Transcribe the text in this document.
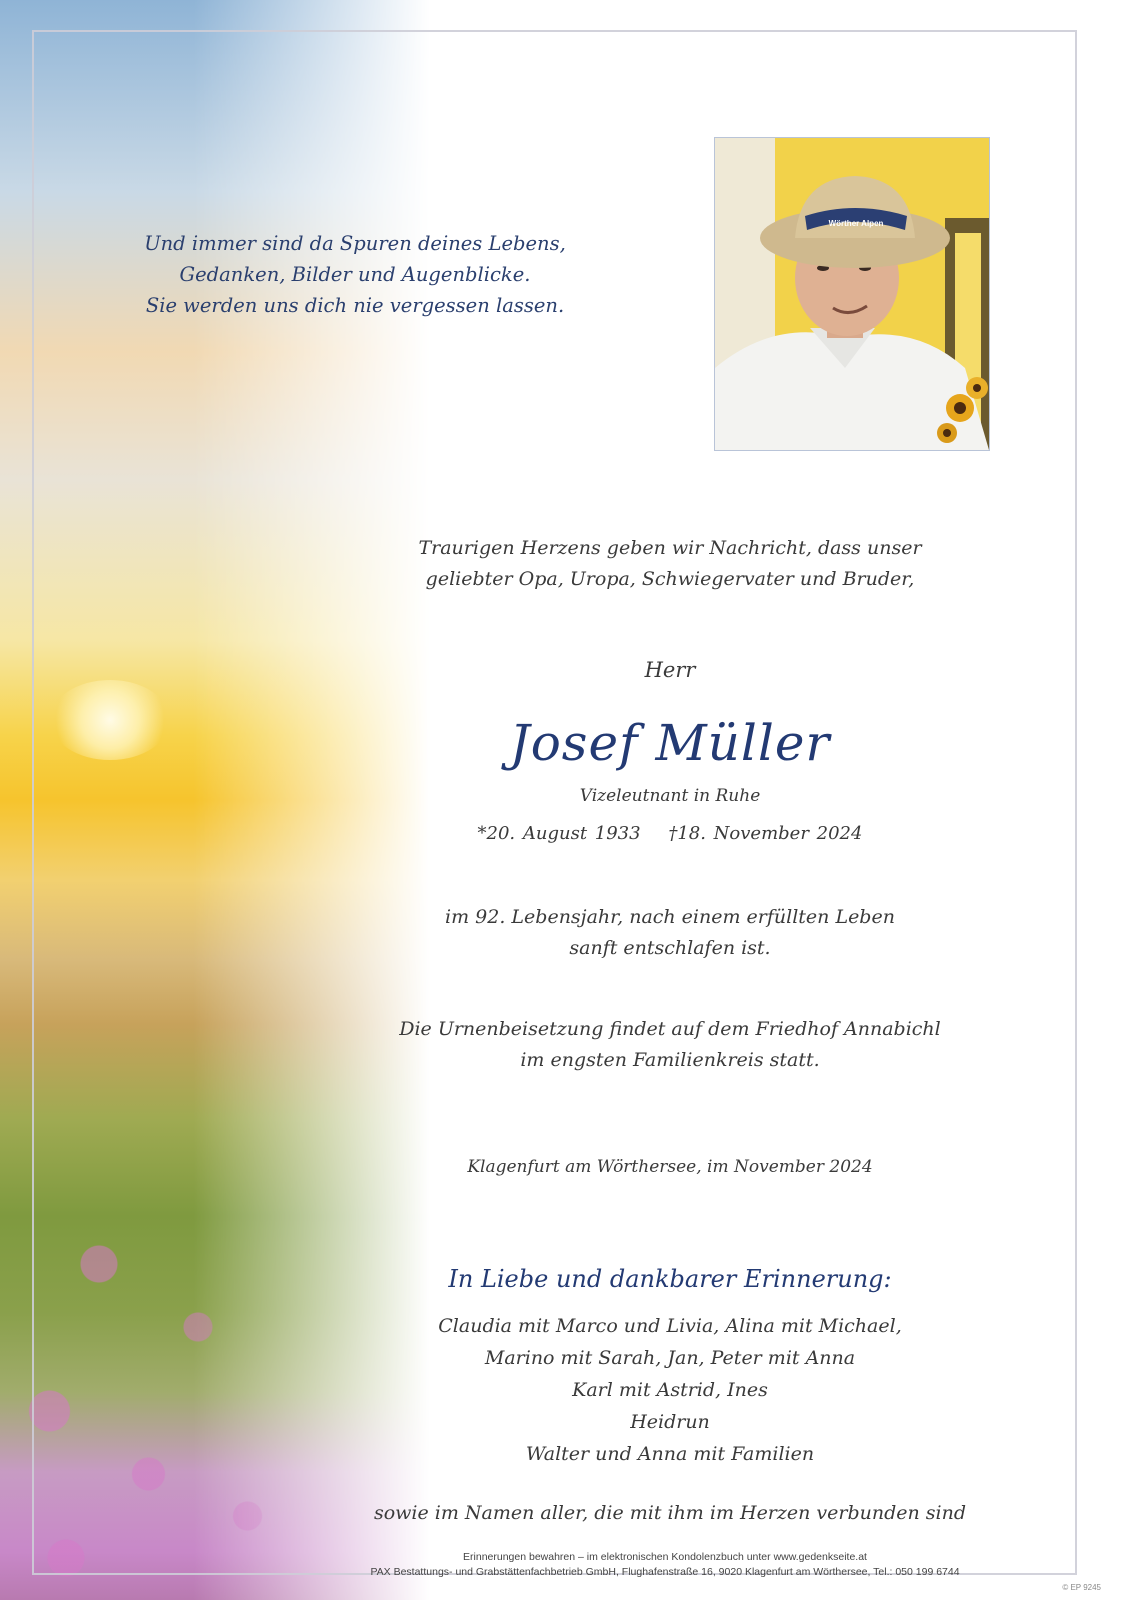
Und immer sind da Spuren deines Lebens,
Gedanken, Bilder und Augenblicke.
Sie werden uns dich nie vergessen lassen.
Wörther Alpen
Traurigen Herzens geben wir Nachricht, dass unser
geliebter Opa, Uropa, Schwiegervater und Bruder,
Herr
Josef Müller
Vizeleutnant in Ruhe
*20. August 1933 †18. November 2024
im 92. Lebensjahr, nach einem erfüllten Leben
sanft entschlafen ist.
Die Urnenbeisetzung findet auf dem Friedhof Annabichl
im engsten Familienkreis statt.
Klagenfurt am Wörthersee, im November 2024
In Liebe und dankbarer Erinnerung:
Claudia mit Marco und Livia, Alina mit Michael,
Marino mit Sarah, Jan, Peter mit Anna
Karl mit Astrid, Ines
Heidrun
Walter und Anna mit Familien
sowie im Namen aller, die mit ihm im Herzen verbunden sind
Erinnerungen bewahren – im elektronischen Kondolenzbuch unter www.gedenkseite.at
PAX Bestattungs- und Grabstättenfachbetrieb GmbH, Flughafenstraße 16, 9020 Klagenfurt am Wörthersee, Tel.: 050 199 6744
© EP 9245
